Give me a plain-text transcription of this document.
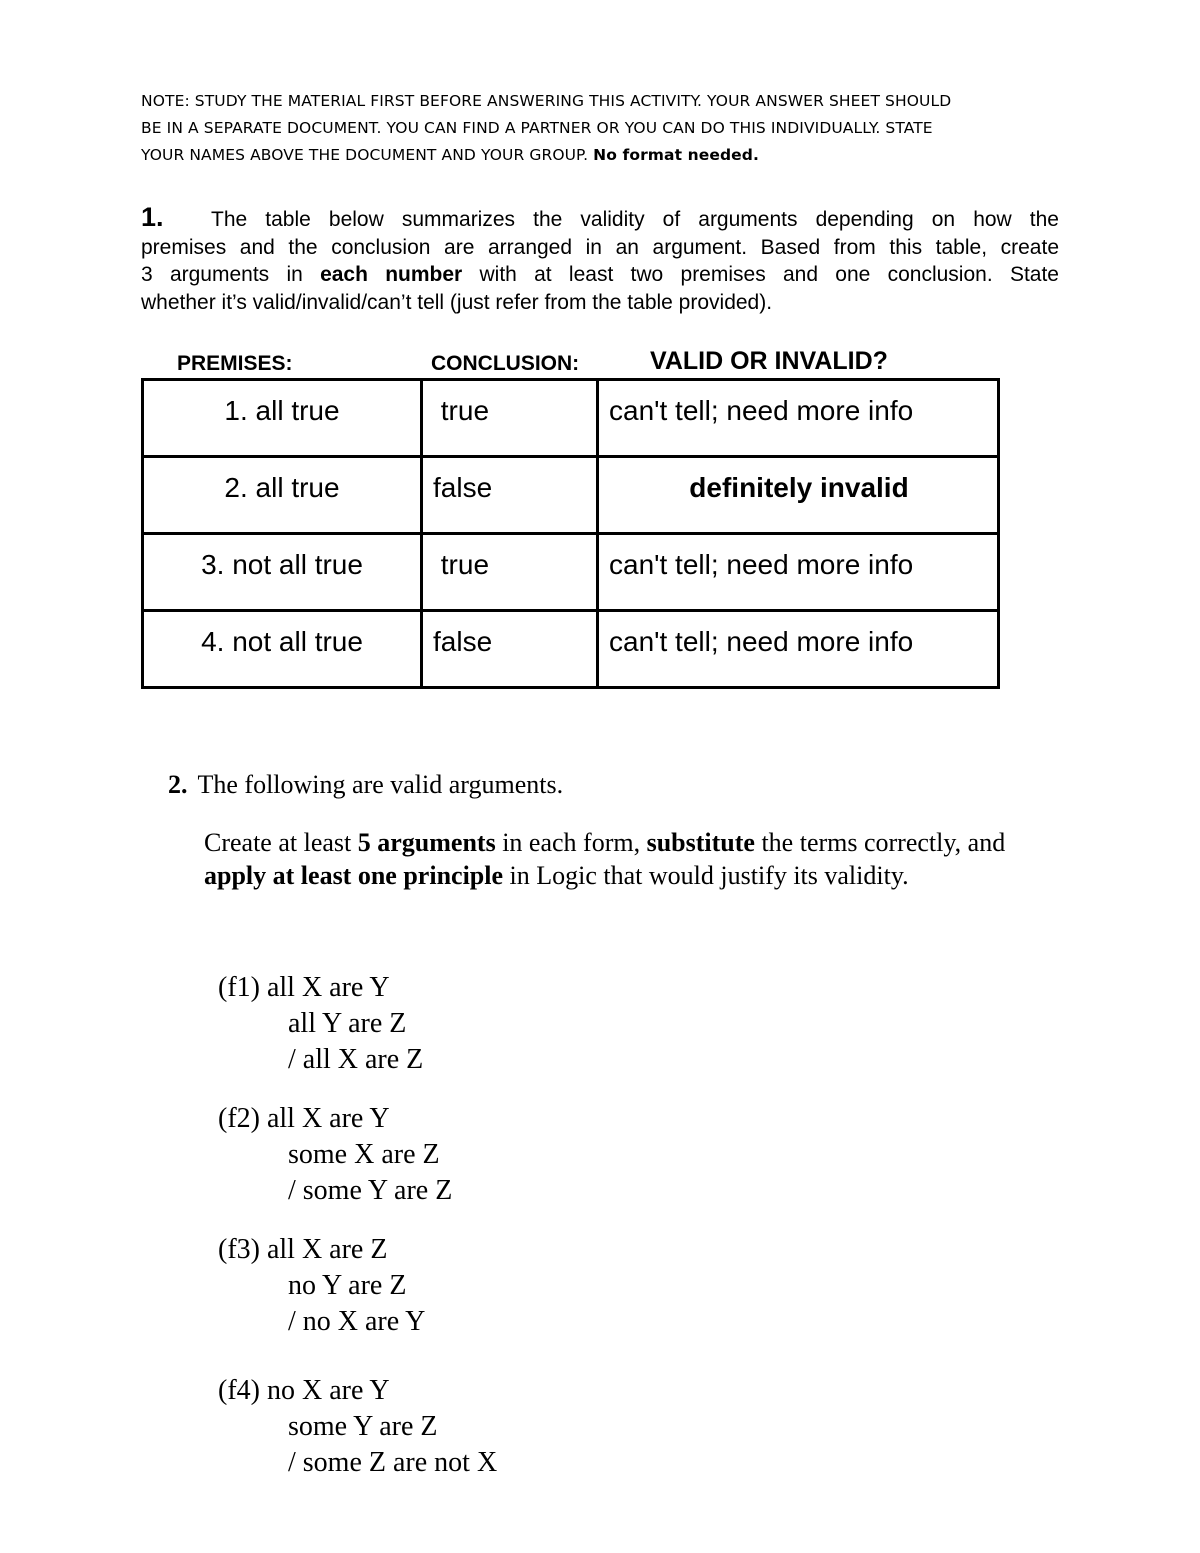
NOTE: STUDY THE MATERIAL FIRST BEFORE ANSWERING THIS ACTIVITY. YOUR ANSWER SHEET SHOULD
BE IN A SEPARATE DOCUMENT. YOU CAN FIND A PARTNER OR YOU CAN DO THIS INDIVIDUALLY. STATE
YOUR NAMES ABOVE THE DOCUMENT AND YOUR GROUP. No format needed.
1. The table below summarizes the validity of arguments depending on how the
premises and the conclusion are arranged in an argument. Based from this table, create
3 arguments in each number with at least two premises and one conclusion. State
whether it’s valid/invalid/can’t tell (just refer from the table provided).
PREMISES:	CONCLUSION:	VALID OR INVALID?
1. all true	true	can't tell; need more info
2. all true	false	definitely invalid
3. not all true	true	can't tell; need more info
4. not all true	false	can't tell; need more info
2. The following are valid arguments.
Create at least 5 arguments in each form, substitute the terms correctly, and
apply at least one principle in Logic that would justify its validity.
(f1) all X are Y
all Y are Z
/ all X are Z
(f2) all X are Y
some X are Z
/ some Y are Z
(f3) all X are Z
no Y are Z
/ no X are Y
(f4) no X are Y
some Y are Z
/ some Z are not X
